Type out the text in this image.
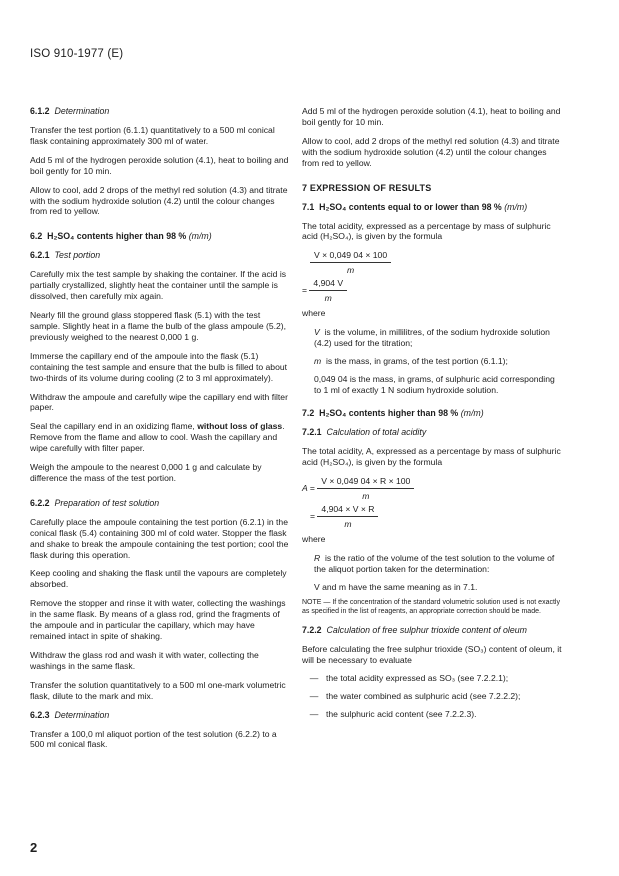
ISO 910-1977 (E)
6.1.2 Determination

Transfer the test portion (6.1.1) quantitatively to a 500 ml conical flask containing approximately 300 ml of water.

Add 5 ml of the hydrogen peroxide solution (4.1), heat to boiling and boil gently for 10 min.

Allow to cool, add 2 drops of the methyl red solution (4.3) and titrate with the sodium hydroxide solution (4.2) until the colour changes from red to yellow.

6.2 H₂SO₄ contents higher than 98 % (m/m)
6.2.1 Test portion

Carefully mix the test sample by shaking the container. If the acid is partially crystallized, slightly heat the container until the sample is dissolved, then carefully mix again.

Nearly fill the ground glass stoppered flask (5.1) with the test sample. Slightly heat in a flame the bulb of the glass ampoule (5.2), previously weighed to the nearest 0,000 1 g.

Immerse the capillary end of the ampoule into the flask (5.1) containing the test sample and ensure that the bulb is filled to about two-thirds of its volume during cooling (2 to 3 ml approximately).

Withdraw the ampoule and carefully wipe the capillary end with filter paper.

Seal the capillary end in an oxidizing flame, without loss of glass. Remove from the flame and allow to cool. Wash the capillary and wipe carefully with filter paper.

Weigh the ampoule to the nearest 0,000 1 g and calculate by difference the mass of the test portion.

6.2.2 Preparation of test solution

Carefully place the ampoule containing the test portion (6.2.1) in the conical flask (5.4) containing 300 ml of cold water. Stopper the flask and shake to break the ampoule containing the test portion; cool the flask during this operation.

Keep cooling and shaking the flask until the vapours are completely absorbed.

Remove the stopper and rinse it with water, collecting the washings in the same flask. By means of a glass rod, grind the fragments of the ampoule and in particular the capillary, which may have remained intact in spite of shaking.

Withdraw the glass rod and wash it with water, collecting the washings in the same flask.

Transfer the solution quantitatively to a 500 ml one-mark volumetric flask, dilute to the mark and mix.

6.2.3 Determination

Transfer a 100,0 ml aliquot portion of the test solution (6.2.2) to a 500 ml conical flask.

Add 5 ml of the hydrogen peroxide solution (4.1), heat to boiling and boil gently for 10 min.

Allow to cool, add 2 drops of the methyl red solution (4.3) and titrate with the sodium hydroxide solution (4.2) until the colour changes from red to yellow.

7 EXPRESSION OF RESULTS
7.1 H₂SO₄ contents equal to or lower than 98 % (m/m)

The total acidity, expressed as a percentage by mass of sulphuric acid (H₂SO₄), is given by the formula

$\frac{V \times 0,049 04 \times 100}{m}$
= $\frac{4,904 V}{m}$

where

V is the volume, in millilitres, of the sodium hydroxide solution (4.2) used for the titration;
m is the mass, in grams, of the test portion (6.1.1);
0,049 04 is the mass, in grams, of sulphuric acid corresponding to 1 ml of exactly 1 N sodium hydroxide solution.
7.2 H₂SO₄ contents higher than 98 % (m/m)
7.2.1 Calculation of total acidity

The total acidity, A, expressed as a percentage by mass of sulphuric acid (H₂SO₄), is given by the formula

$A = \frac{V \times 0,049 04 \times R \times 100}{m}$
= $\frac{4,904 \times V \times R}{m}$

where

R is the ratio of the volume of the test solution to the volume of the aliquot portion taken for the determination:
V and m have the same meaning as in 7.1.

NOTE — If the concentration of the standard volumetric solution used is not exactly as specified in the list of reagents, an appropriate correction should be made.

7.2.2 Calculation of free sulphur trioxide content of oleum

Before calculating the free sulphur trioxide (SO₃) content of oleum, it will be necessary to evaluate

— the total acidity expressed as SO₃ (see 7.2.2.1);
— the water combined as sulphuric acid (see 7.2.2.2);
— the sulphuric acid content (see 7.2.2.3).
2
